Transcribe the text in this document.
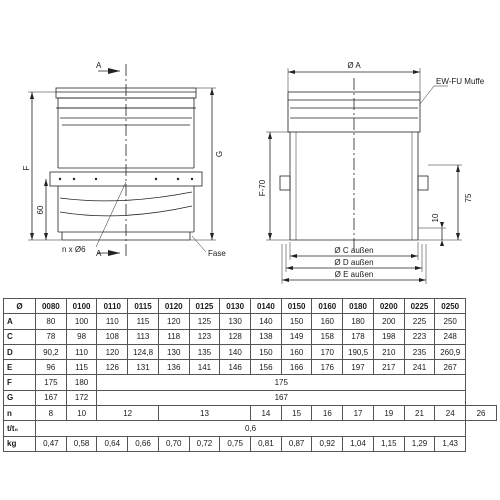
A
A
F
G
60
n x Ø6	Fase
Ø A
EW-FU Muffe
F-70
75
10
Ø C außen
Ø D außen
Ø E außen
Ø	0080	0100	0110	0115	0120	0125	0130	0140	0150	0160	0180	0200	0225	0250	
A	80	100	110	115	120	125	130	140	150	160	180	200	225	250	
C	78	98	108	113	118	123	128	138	149	158	178	198	223	248	
D	90,2	110	120	124,8	130	135	140	150	160	170	190,5	210	235	260,9	
E	96	115	126	131	136	141	146	156	166	176	197	217	241	267	
F	175	180	175												
G	167	172	167												
n	8	10	12		13			14	15	16	17	19	21	24	26
t/t₀	0,6														
kg	0,47	0,58	0,64	0,66	0,70	0,72	0,75	0,81	0,87	0,92	1,04	1,15	1,29	1,43	
